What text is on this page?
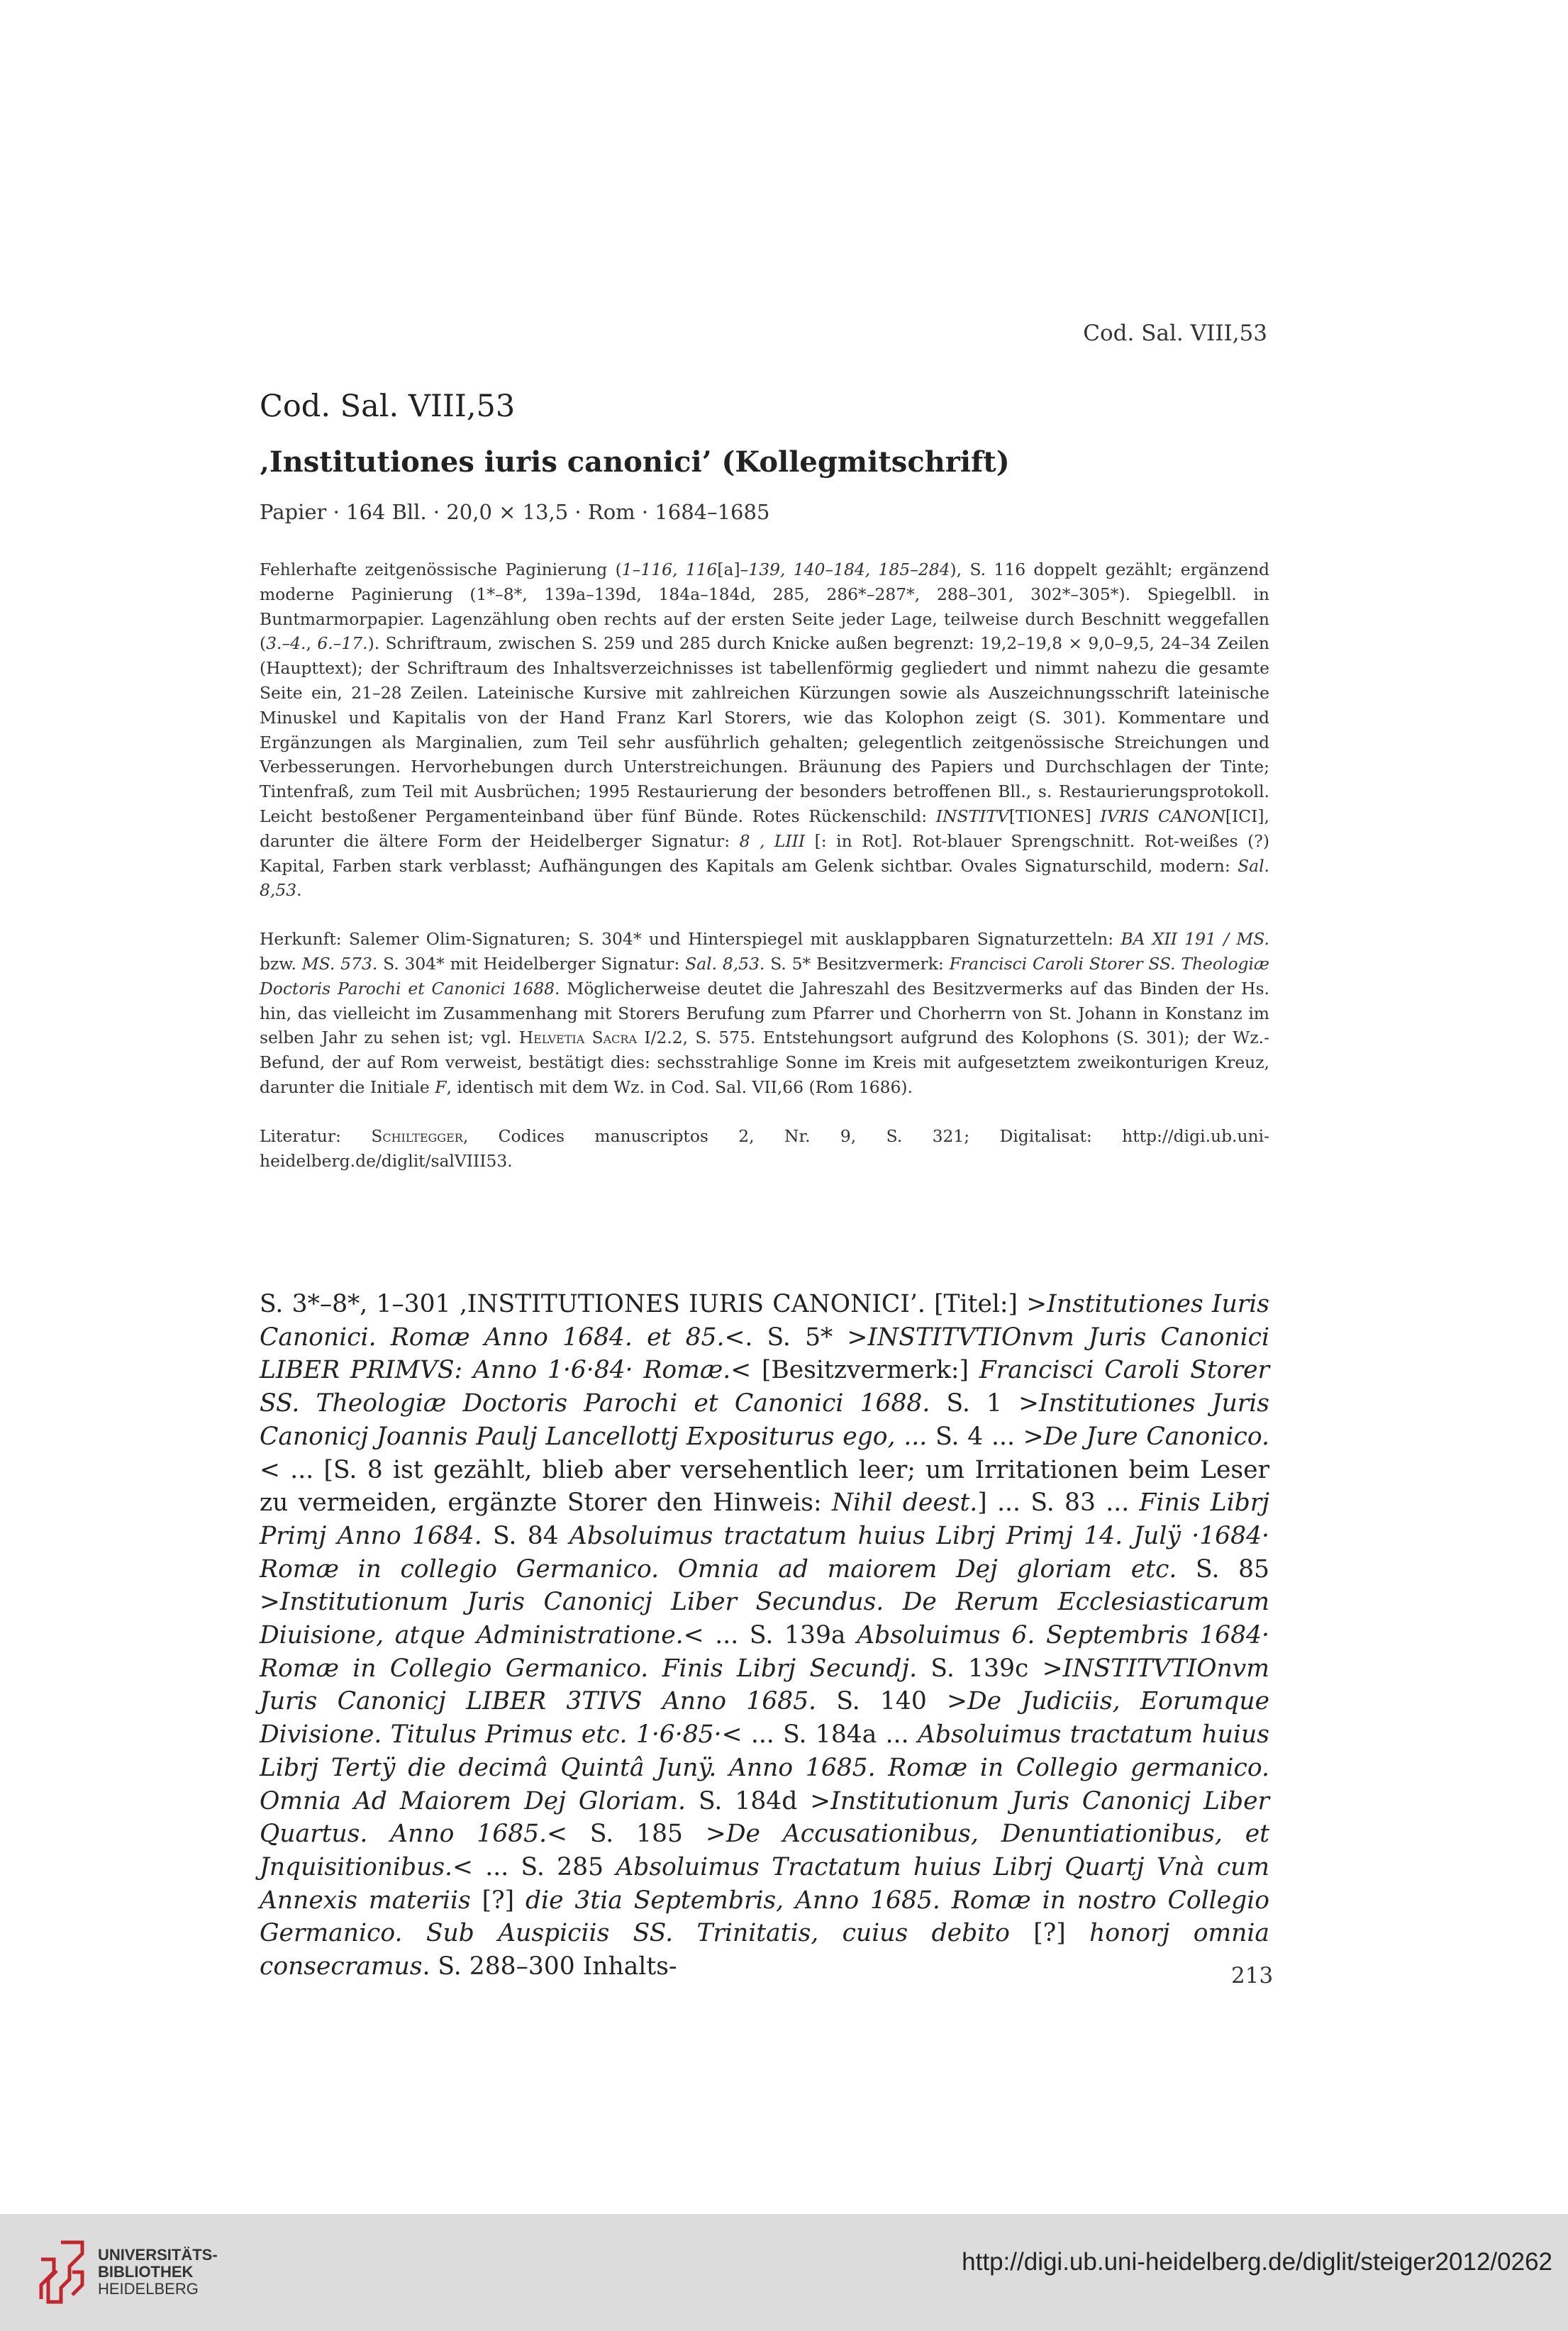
Cod. Sal. VIII,53
Cod. Sal. VIII,53
‚Institutiones iuris canonici’ (Kollegmitschrift)
Papier · 164 Bll. · 20,0 × 13,5 · Rom · 1684–1685

Fehlerhafte zeitgenössische Paginierung (1–116, 116[a]–139, 140–184, 185–284), S. 116 doppelt gezählt; ergänzend moderne Paginierung (1*–8*, 139a–139d, 184a–184d, 285, 286*–287*, 288–301, 302*–305*). Spiegelbll. in Buntmarmorpapier. Lagenzählung oben rechts auf der ersten Seite jeder Lage, teilweise durch Beschnitt weggefallen (3.–4., 6.–17.). Schriftraum, zwischen S. 259 und 285 durch Knicke außen begrenzt: 19,2–19,8 × 9,0–9,5, 24–34 Zeilen (Haupttext); der Schriftraum des Inhaltsverzeichnisses ist tabellenförmig gegliedert und nimmt nahezu die gesamte Seite ein, 21–28 Zeilen. Lateinische Kursive mit zahlreichen Kürzungen sowie als Auszeichnungsschrift lateinische Minuskel und Kapitalis von der Hand Franz Karl Storers, wie das Kolophon zeigt (S. 301). Kommentare und Ergänzungen als Marginalien, zum Teil sehr ausführlich gehalten; gelegentlich zeitgenössische Streichungen und Verbesserungen. Hervorhebungen durch Unterstreichungen. Bräunung des Papiers und Durchschlagen der Tinte; Tintenfraß, zum Teil mit Ausbrüchen; 1995 Restaurierung der besonders betroffenen Bll., s. Restaurierungsprotokoll. Leicht bestoßener Pergamenteinband über fünf Bünde. Rotes Rückenschild: INSTITV[TIONES] IVRIS CANON[ICI], darunter die ältere Form der Heidelberger Signatur: 8 , LIII [: in Rot]. Rot-blauer Sprengschnitt. Rot-weißes (?) Kapital, Farben stark verblasst; Aufhängungen des Kapitals am Gelenk sichtbar. Ovales Signaturschild, modern: Sal. 8,53.

Herkunft: Salemer Olim-Signaturen; S. 304* und Hinterspiegel mit ausklappbaren Signaturzetteln: BA XII 191 / MS. bzw. MS. 573. S. 304* mit Heidelberger Signatur: Sal. 8,53. S. 5* Besitzvermerk: Francisci Caroli Storer SS. Theologiæ Doctoris Parochi et Canonici 1688. Möglicherweise deutet die Jahreszahl des Besitzvermerks auf das Binden der Hs. hin, das vielleicht im Zusammenhang mit Storers Berufung zum Pfarrer und Chorherrn von St. Johann in Konstanz im selben Jahr zu sehen ist; vgl. Helvetia Sacra I/2.2, S. 575. Entstehungsort aufgrund des Kolophons (S. 301); der Wz.-Befund, der auf Rom verweist, bestätigt dies: sechsstrahlige Sonne im Kreis mit aufgesetztem zweikonturigen Kreuz, darunter die Initiale F, identisch mit dem Wz. in Cod. Sal. VII,66 (Rom 1686).

Literatur: Schiltegger, Codices manuscriptos 2, Nr. 9, S. 321; Digitalisat: http://digi.ub.uni-heidelberg.de/diglit/salVIII53.

S. 3*–8*, 1–301 ‚INSTITUTIONES IURIS CANONICI’. [Titel:] >Institutiones Iuris Canonici. Romæ Anno 1684. et 85.<. S. 5* >INSTITVTIOnvm Juris Canonici LIBER PRIMVS: Anno 1·6·84· Romæ.< [Besitzvermerk:] Francisci Caroli Storer SS. Theologiæ Doctoris Parochi et Canonici 1688. S. 1 >Institutiones Juris Canonicj Joannis Paulj Lancellottj Expositurus ego, ... S. 4 ... >De Jure Canonico.< ... [S. 8 ist gezählt, blieb aber versehentlich leer; um Irritationen beim Leser zu vermeiden, ergänzte Storer den Hinweis: Nihil deest.] ... S. 83 ... Finis Librj Primj Anno 1684. S. 84 Absoluimus tractatum huius Librj Primj 14. Julÿ ·1684· Romæ in collegio Germanico. Omnia ad maiorem Dej gloriam etc. S. 85 >Institutionum Juris Canonicj Liber Secundus. De Rerum Ecclesiasticarum Diuisione, atque Administratione.< ... S. 139a Absoluimus 6. Septembris 1684· Romæ in Collegio Germanico. Finis Librj Secundj. S. 139c >INSTITVTIOnvm Juris Canonicj LIBER 3TIVS Anno 1685. S. 140 >De Judiciis, Eorumque Divisione. Titulus Primus etc. 1·6·85·< ... S. 184a ... Absoluimus tractatum huius Librj Tertÿ die decimâ Quintâ Junÿ. Anno 1685. Romæ in Collegio germanico. Omnia Ad Maiorem Dej Gloriam. S. 184d >Institutionum Juris Canonicj Liber Quartus. Anno 1685.< S. 185 >De Accusationibus, Denuntiationibus, et Jnquisitionibus.< ... S. 285 Absoluimus Tractatum huius Librj Quartj Vnà cum Annexis materiis [?] die 3tia Septembris, Anno 1685. Romæ in nostro Collegio Germanico. Sub Auspiciis SS. Trinitatis, cuius debito [?] honorj omnia consecramus. S. 288–300 Inhalts-	213
UNIVERSITÄTS-
BIBLIOTHEK
HEIDELBERG
http://digi.ub.uni-heidelberg.de/diglit/steiger2012/0262
